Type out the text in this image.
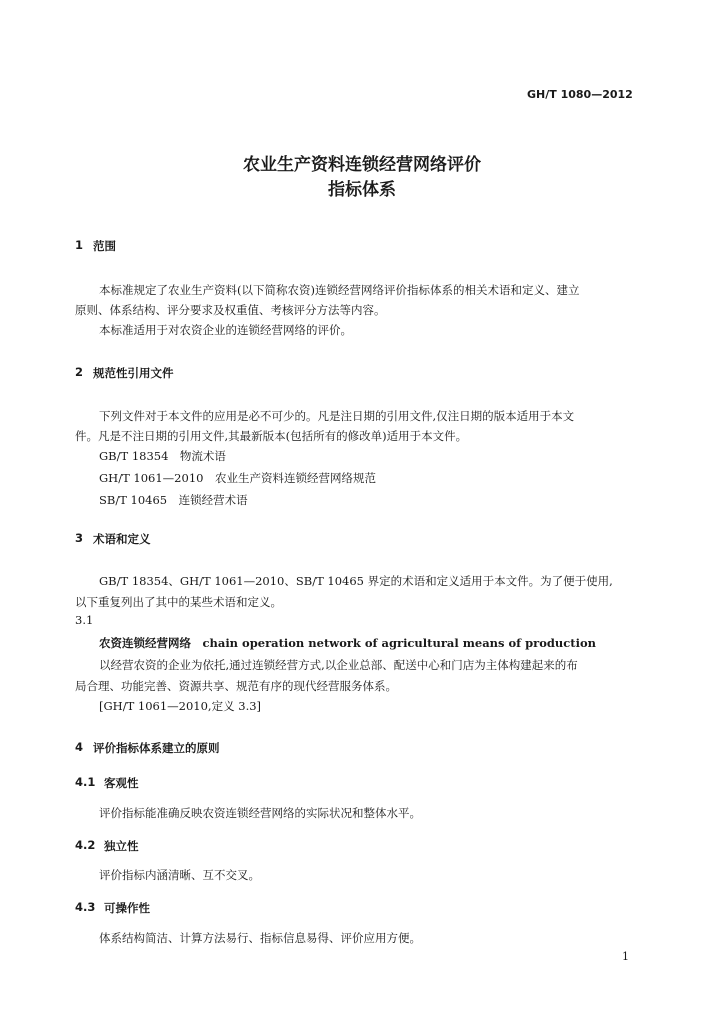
GH/T 1080—2012
农业生产资料连锁经营网络评价
指标体系
1 范围
本标准规定了农业生产资料(以下简称农资)连锁经营网络评价指标体系的相关术语和定义、建立
原则、体系结构、评分要求及权重值、考核评分方法等内容。
本标准适用于对农资企业的连锁经营网络的评价。
2 规范性引用文件
下列文件对于本文件的应用是必不可少的。凡是注日期的引用文件,仅注日期的版本适用于本文
件。凡是不注日期的引用文件,其最新版本(包括所有的修改单)适用于本文件。
GB/T 18354　物流术语
GH/T 1061—2010　农业生产资料连锁经营网络规范
SB/T 10465　连锁经营术语
3 术语和定义
GB/T 18354、GH/T 1061—2010、SB/T 10465 界定的术语和定义适用于本文件。为了便于使用,
以下重复列出了其中的某些术语和定义。
3.1
农资连锁经营网络　chain operation network of agricultural means of production
以经营农资的企业为依托,通过连锁经营方式,以企业总部、配送中心和门店为主体构建起来的布
局合理、功能完善、资源共享、规范有序的现代经营服务体系。
[GH/T 1061—2010,定义 3.3]
4 评价指标体系建立的原则
4.1 客观性
评价指标能准确反映农资连锁经营网络的实际状况和整体水平。
4.2 独立性
评价指标内涵清晰、互不交叉。
4.3 可操作性
体系结构简洁、计算方法易行、指标信息易得、评价应用方便。
1
